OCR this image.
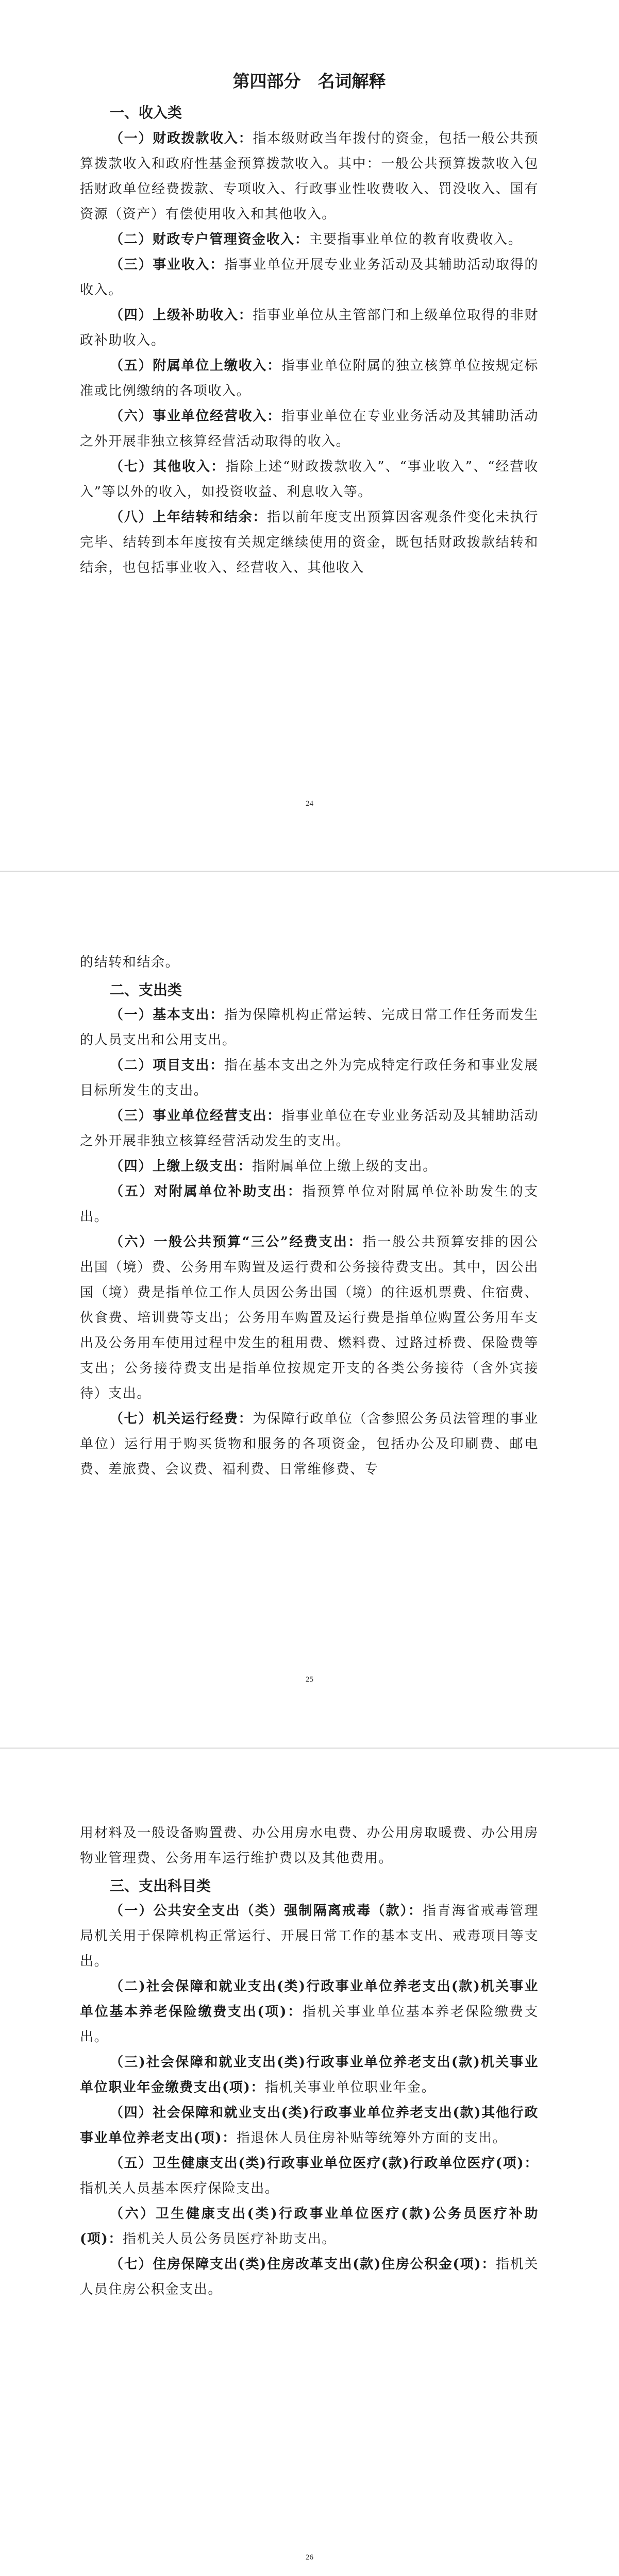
第四部分　名词解释

一、收入类

（一）财政拨款收入：指本级财政当年拨付的资金，包括一般公共预算拨款收入和政府性基金预算拨款收入。其中：一般公共预算拨款收入包括财政单位经费拨款、专项收入、行政事业性收费收入、罚没收入、国有资源（资产）有偿使用收入和其他收入。

（二）财政专户管理资金收入：主要指事业单位的教育收费收入。

（三）事业收入：指事业单位开展专业业务活动及其辅助活动取得的收入。

（四）上级补助收入：指事业单位从主管部门和上级单位取得的非财政补助收入。

（五）附属单位上缴收入：指事业单位附属的独立核算单位按规定标准或比例缴纳的各项收入。

（六）事业单位经营收入：指事业单位在专业业务活动及其辅助活动之外开展非独立核算经营活动取得的收入。

（七）其他收入：指除上述“财政拨款收入”、“事业收入”、“经营收入”等以外的收入，如投资收益、利息收入等。

（八）上年结转和结余：指以前年度支出预算因客观条件变化未执行完毕、结转到本年度按有关规定继续使用的资金，既包括财政拨款结转和结余，也包括事业收入、经营收入、其他收入

24

的结转和结余。

二、支出类

（一）基本支出：指为保障机构正常运转、完成日常工作任务而发生的人员支出和公用支出。

（二）项目支出：指在基本支出之外为完成特定行政任务和事业发展目标所发生的支出。

（三）事业单位经营支出：指事业单位在专业业务活动及其辅助活动之外开展非独立核算经营活动发生的支出。

（四）上缴上级支出：指附属单位上缴上级的支出。

（五）对附属单位补助支出：指预算单位对附属单位补助发生的支出。

（六）一般公共预算“三公”经费支出：指一般公共预算安排的因公出国（境）费、公务用车购置及运行费和公务接待费支出。其中，因公出国（境）费是指单位工作人员因公务出国（境）的往返机票费、住宿费、伙食费、培训费等支出；公务用车购置及运行费是指单位购置公务用车支出及公务用车使用过程中发生的租用费、燃料费、过路过桥费、保险费等支出；公务接待费支出是指单位按规定开支的各类公务接待（含外宾接待）支出。

（七）机关运行经费：为保障行政单位（含参照公务员法管理的事业单位）运行用于购买货物和服务的各项资金，包括办公及印刷费、邮电费、差旅费、会议费、福利费、日常维修费、专

25

用材料及一般设备购置费、办公用房水电费、办公用房取暖费、办公用房物业管理费、公务用车运行维护费以及其他费用。

三、支出科目类

（一）公共安全支出（类）强制隔离戒毒（款）：指青海省戒毒管理局机关用于保障机构正常运行、开展日常工作的基本支出、戒毒项目等支出。

（二)社会保障和就业支出(类)行政事业单位养老支出(款)机关事业单位基本养老保险缴费支出(项)：指机关事业单位基本养老保险缴费支出。

（三)社会保障和就业支出(类)行政事业单位养老支出(款)机关事业单位职业年金缴费支出(项)：指机关事业单位职业年金。

（四）社会保障和就业支出(类)行政事业单位养老支出(款)其他行政事业单位养老支出(项)：指退休人员住房补贴等统筹外方面的支出。

（五）卫生健康支出(类)行政事业单位医疗(款)行政单位医疗(项)：指机关人员基本医疗保险支出。

（六）卫生健康支出(类)行政事业单位医疗(款)公务员医疗补助(项)：指机关人员公务员医疗补助支出。

（七）住房保障支出(类)住房改革支出(款)住房公积金(项)：指机关人员住房公积金支出。

26
